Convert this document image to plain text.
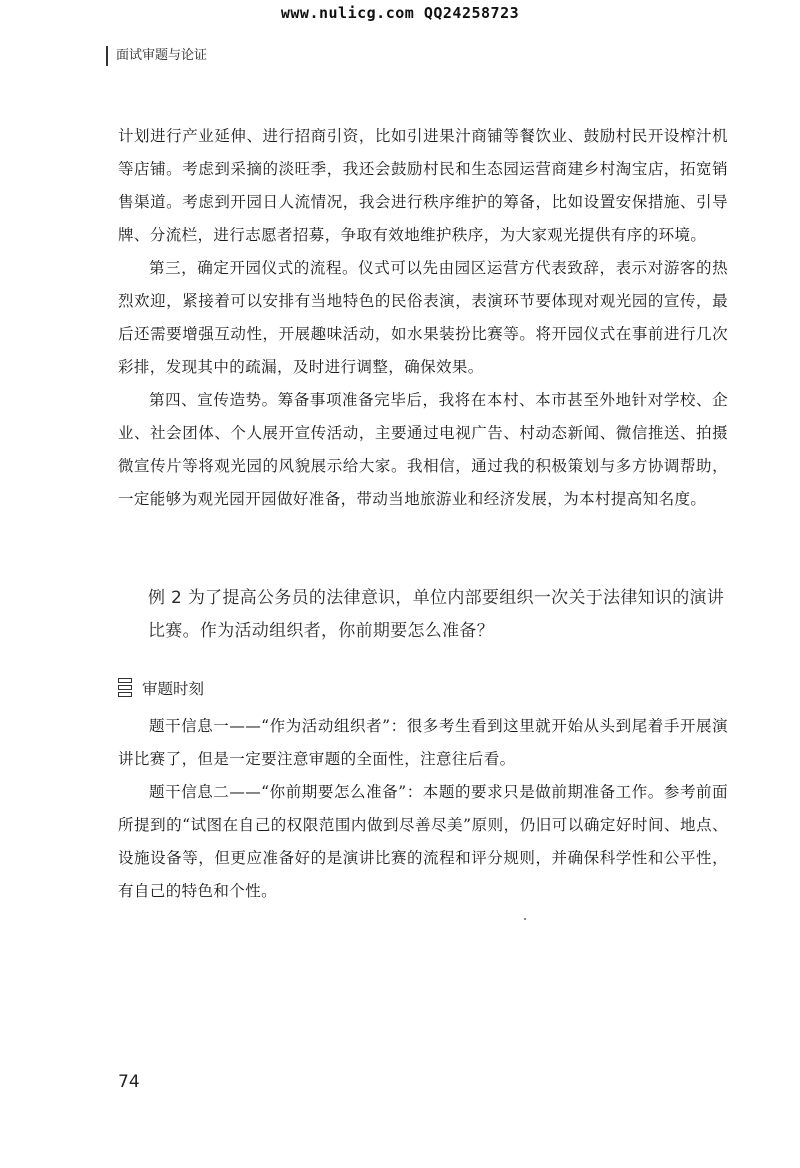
www.nulicg.com QQ24258723
面试审题与论证

计划进行产业延伸、进行招商引资，比如引进果汁商铺等餐饮业、鼓励村民开设榨汁机等店铺。考虑到采摘的淡旺季，我还会鼓励村民和生态园运营商建乡村淘宝店，拓宽销售渠道。考虑到开园日人流情况，我会进行秩序维护的筹备，比如设置安保措施、引导牌、分流栏，进行志愿者招募，争取有效地维护秩序，为大家观光提供有序的环境。

第三，确定开园仪式的流程。仪式可以先由园区运营方代表致辞，表示对游客的热烈欢迎，紧接着可以安排有当地特色的民俗表演，表演环节要体现对观光园的宣传，最后还需要增强互动性，开展趣味活动，如水果装扮比赛等。将开园仪式在事前进行几次彩排，发现其中的疏漏，及时进行调整，确保效果。

第四、宣传造势。筹备事项准备完毕后，我将在本村、本市甚至外地针对学校、企业、社会团体、个人展开宣传活动，主要通过电视广告、村动态新闻、微信推送、拍摄微宣传片等将观光园的风貌展示给大家。我相信，通过我的积极策划与多方协调帮助，一定能够为观光园开园做好准备，带动当地旅游业和经济发展，为本村提高知名度。

例 2 为了提高公务员的法律意识，单位内部要组织一次关于法律知识的演讲比赛。作为活动组织者，你前期要怎么准备？
审题时刻

题干信息一——“作为活动组织者”：很多考生看到这里就开始从头到尾着手开展演讲比赛了，但是一定要注意审题的全面性，注意往后看。

题干信息二——“你前期要怎么准备”：本题的要求只是做前期准备工作。参考前面所提到的“试图在自己的权限范围内做到尽善尽美”原则，仍旧可以确定好时间、地点、设施设备等，但更应准备好的是演讲比赛的流程和评分规则，并确保科学性和公平性，有自己的特色和个性。

74
